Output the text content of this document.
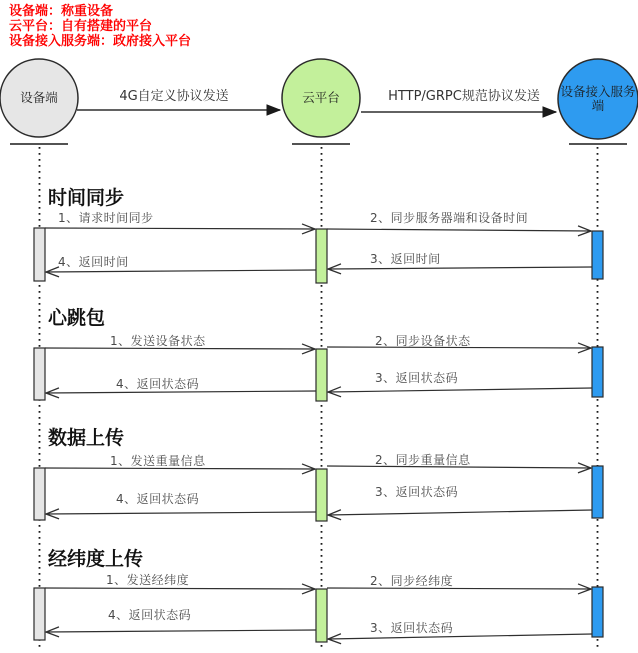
设备端：称重设备
云平台：自有搭建的平台
设备接入服务端：政府接入平台
4G自定义协议发送	HTTP/GRPC规范协议发送
设备端	云平台	设备接入服务端
时间同步
心跳包
数据上传
经纬度上传
1、请求时间同步	2、同步服务器端和设备时间
3、返回时间
4、返回时间
1、发送设备状态	2、同步设备状态
3、返回状态码
4、返回状态码
1、发送重量信息	2、同步重量信息
3、返回状态码
4、返回状态码
1、发送经纬度	2、同步经纬度
3、返回状态码
4、返回状态码
